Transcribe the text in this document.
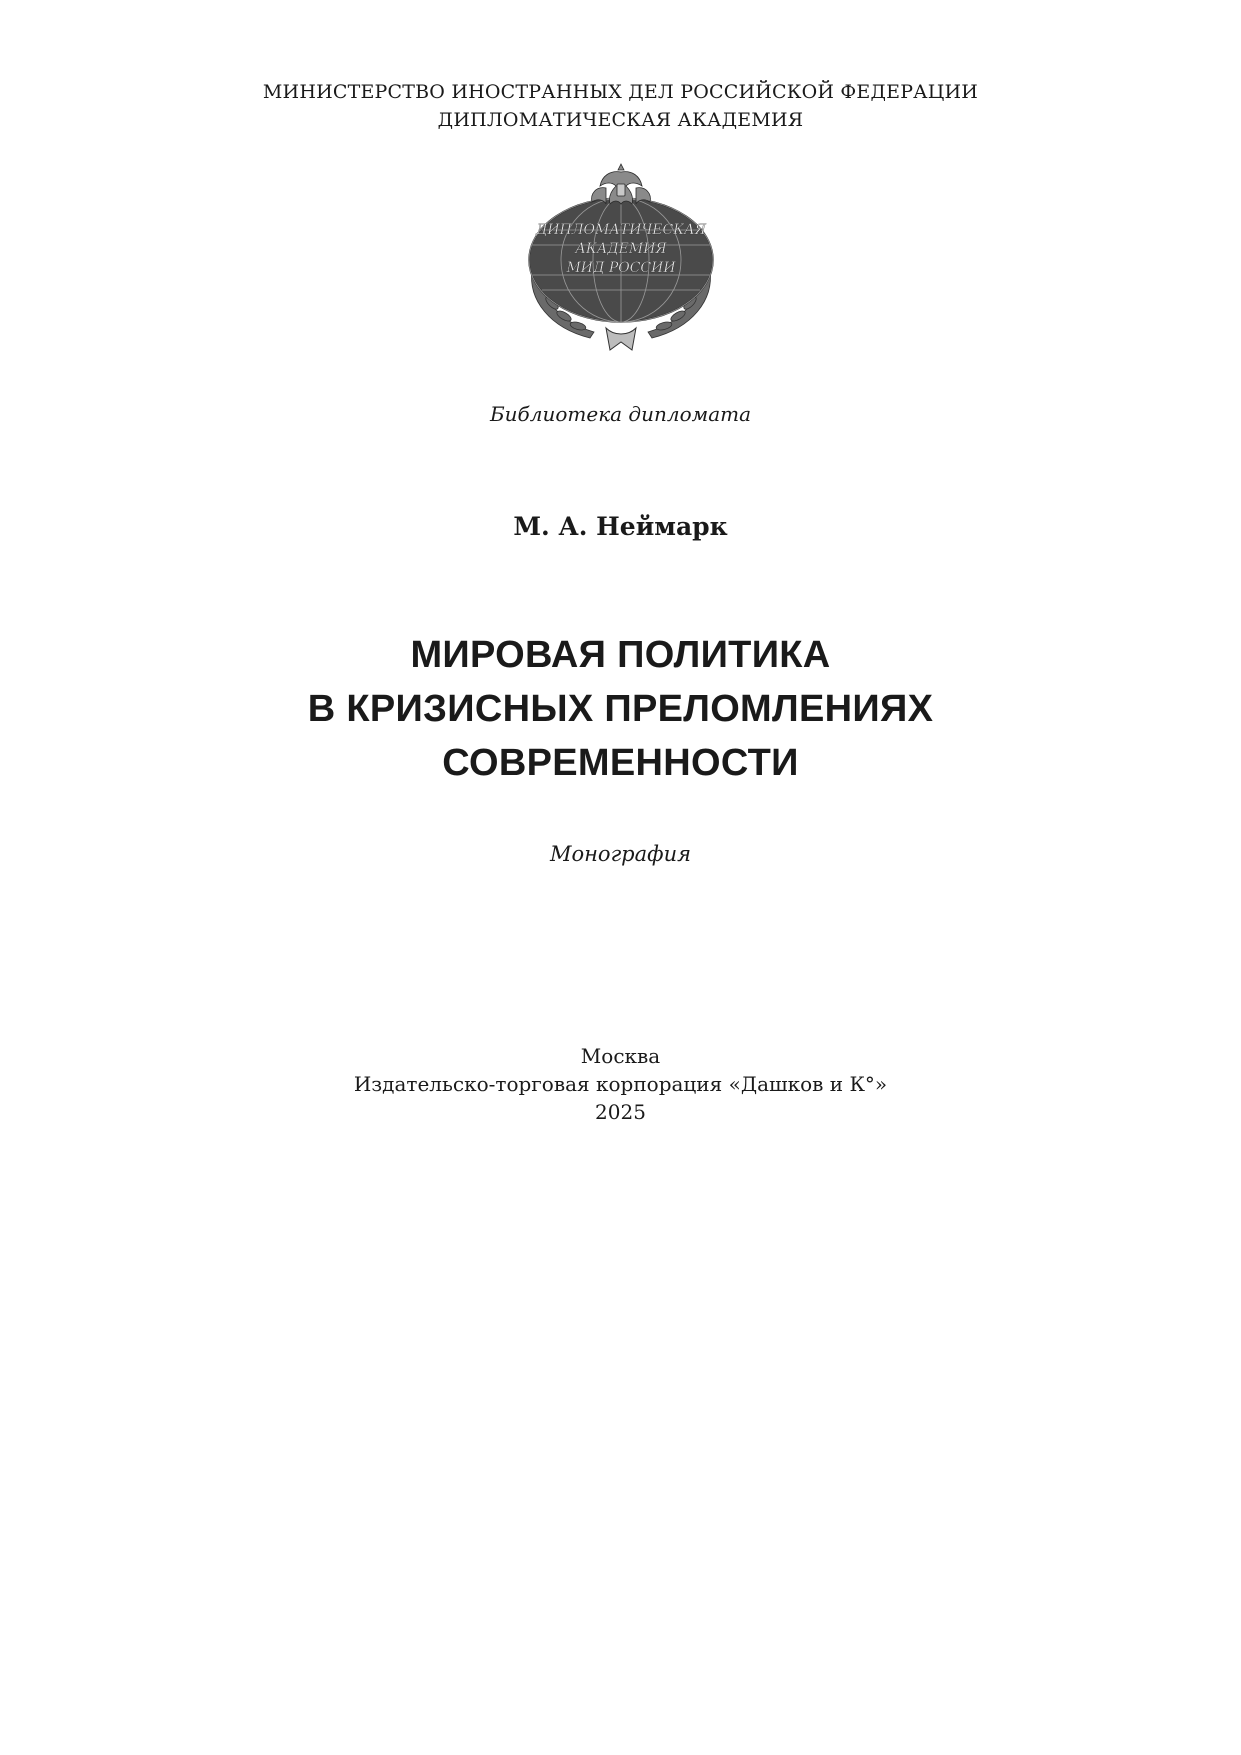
МИНИСТЕРСТВО ИНОСТРАННЫХ ДЕЛ РОССИЙСКОЙ ФЕДЕРАЦИИ
ДИПЛОМАТИЧЕСКАЯ АКАДЕМИЯ
ДИПЛОМАТИЧЕСКАЯ
АКАДЕМИЯ
МИД РОССИИ
Библиотека дипломата
М. А. Неймарк
МИРОВАЯ ПОЛИТИКА
В КРИЗИСНЫХ ПРЕЛОМЛЕНИЯХ
СОВРЕМЕННОСТИ
Монография
Москва
Издательско-торговая корпорация «Дашков и К°»
2025
